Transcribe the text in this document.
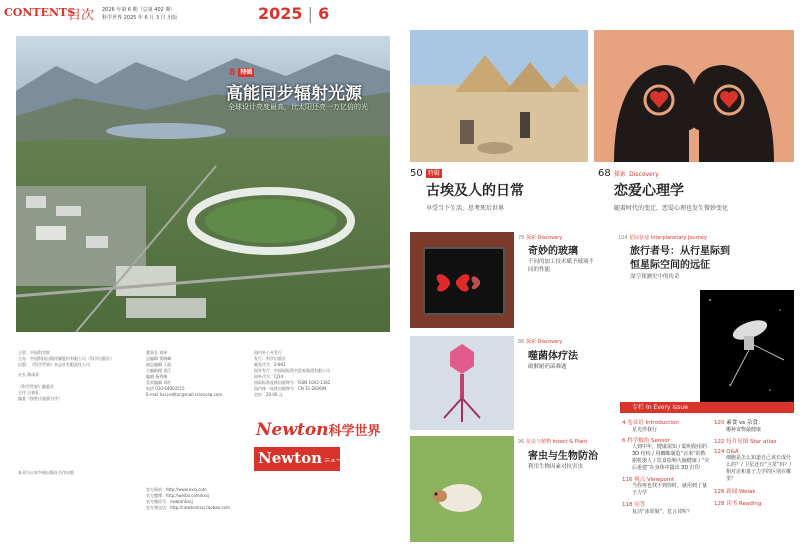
CONTENTS
目次 2026 年第 6 期（总第 402 期）
科学世界 2025 年 6 月 3 日 出版	2025 | 6
8 特辑
高能同步辐射光源
全球设计亮度最高，比太阳还亮一万亿倍的光
主管：中国科学院
主办：中国科技出版传媒股份有限公司（科学出版社）
出版：《科学世界》杂志社有限责任公司
社长 路甬祥
《科学世界》编委会
主任 白春礼
编委（按姓氏笔画为序）
董事长 刘伟
总编辑 贺晓峰
副总编辑 王政
主编助理 刘江
编辑 杨秀梅
美术编辑 刘红
电话 010-64003515
E-mail kxsj-editor@mail.sciencep.com
国内外公开发行
发行：科学出版社
邮发代号：2-802
国外发行：中国国际图书贸易集团有限公司
国外代号：CJ14
国际标准连续出版物号：ISSN 1003-1162
国内统一连续出版物号：CN 11-2836/N
定价：20.00 元
Newton科学世界
Newton ニュートン
官方网站：http://www.kxsj.com
官方微博：http://weibo.com/kxsj
官方微信号：newtonkxsj
官方淘宝店：http://newtonkxsj.taobao.com
本刊与日本牛顿出版社合作出版
50 特辑
古埃及人的日常
享受当下生活，思考死后世界
68 探索 Discovery
恋爱心理学
随着时代的变迁，恋爱心理也发生微妙变化
78 探索 Discovery
奇妙的玻璃
不同的加工技术赋予玻璃不同的性能
104 星际征途 Interplanetary Journey
旅行者号：从行星际到
恒星际空间的远征
深空探测史中的传奇
86 探索 Discovery
噬菌体疗法
破解耐药菌难题
96 昆虫与植物 Insect & Plant
害虫与生物防治
利用生物因素对抗害虫
专栏 In Every Issue
4 卷首语 Introduction
星光伴我行
6 科学触角 Sensor
人到中年，健康需知 / 聪明使用的 3D 结构 / 用蜘蛛制造“百米”的数据机器人 / 饮食影响大脑健康 / “灾后重建”在身体中露出 3D 打印
116 视点 Viewpoint
当你再也找不到你时，就用到了量子力学
118 问答
复活“冰原狼”，危言耸听？
120 素食 vs 杂食：
哪种食物最健康
122 每月星图 Star atlas
124 Q&A
细胞是怎么知道自己该长成什么的？/ 卫星还有“卫星”吗？/ 相对论和量子力学的区别在哪里？
126 新闻 Weiak
128 读书 Reading
